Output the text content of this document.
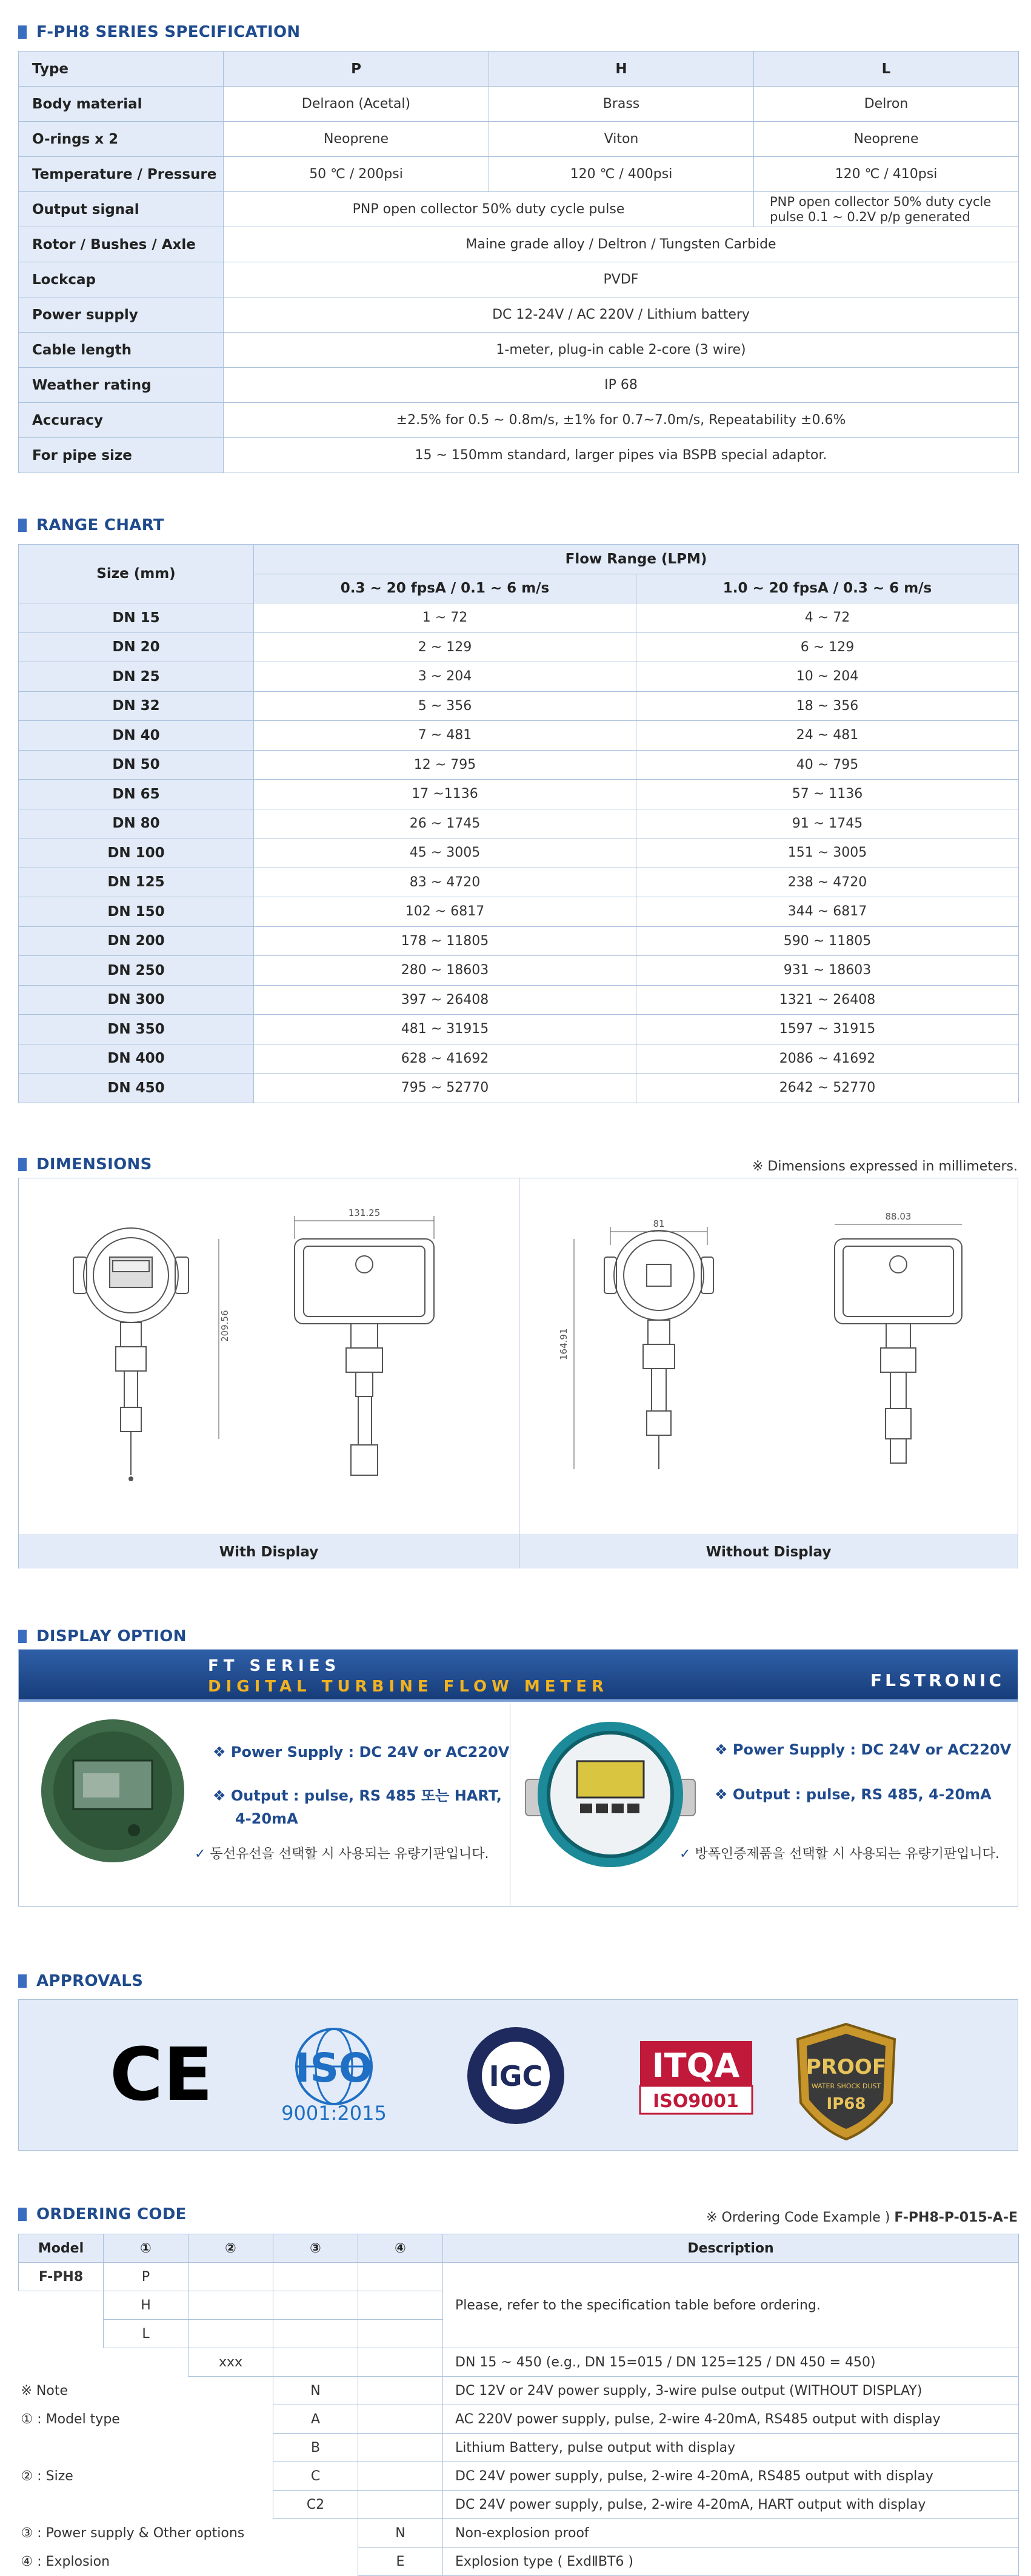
F-PH8 SERIES SPECIFICATION
Type	P	H	L
Body material	Delraon (Acetal)	Brass	Delron
O-rings x 2	Neoprene	Viton	Neoprene
Temperature / Pressure	50 ℃ / 200psi	120 ℃ / 400psi	120 ℃ / 410psi
Output signal	PNP open collector 50% duty cycle pulse		PNP open collector 50% duty cycle pulse 0.1 ~ 0.2V p/p generated
Rotor / Bushes / Axle	Maine grade alloy / Deltron / Tungsten Carbide		
Lockcap	PVDF		
Power supply	DC 12-24V / AC 220V / Lithium battery		
Cable length	1-meter, plug-in cable 2-core (3 wire)		
Weather rating	IP 68		
Accuracy	±2.5% for 0.5 ~ 0.8m/s, ±1% for 0.7~7.0m/s, Repeatability ±0.6%		
For pipe size	15 ~ 150mm standard, larger pipes via BSPB special adaptor.		
RANGE CHART
Size (mm)	Flow Range (LPM)	
	0.3 ~ 20 fpsA / 0.1 ~ 6 m/s	1.0 ~ 20 fpsA / 0.3 ~ 6 m/s
DN 15	1 ~ 72	4 ~ 72
DN 20	2 ~ 129	6 ~ 129
DN 25	3 ~ 204	10 ~ 204
DN 32	5 ~ 356	18 ~ 356
DN 40	7 ~ 481	24 ~ 481
DN 50	12 ~ 795	40 ~ 795
DN 65	17 ~1136	57 ~ 1136
DN 80	26 ~ 1745	91 ~ 1745
DN 100	45 ~ 3005	151 ~ 3005
DN 125	83 ~ 4720	238 ~ 4720
DN 150	102 ~ 6817	344 ~ 6817
DN 200	178 ~ 11805	590 ~ 11805
DN 250	280 ~ 18603	931 ~ 18603
DN 300	397 ~ 26408	1321 ~ 26408
DN 350	481 ~ 31915	1597 ~ 31915
DN 400	628 ~ 41692	2086 ~ 41692
DN 450	795 ~ 52770	2642 ~ 52770
DIMENSIONS	※ Dimensions expressed in millimeters.
131.25
209.56
81
88.03
164.91
With Display	Without Display
DISPLAY OPTION
FT SERIES
DIGITAL TURBINE FLOW METER	FLSTRONIC
❖ Power Supply : DC 24V or AC220V
❖ Output : pulse, RS 485 또는 HART,
4-20mA
✓ 동선유선을 선택할 시 사용되는 유량기판입니다.
❖ Power Supply : DC 24V or AC220V
❖ Output : pulse, RS 485, 4-20mA
✓ 방폭인증제품을 선택할 시 사용되는 유량기판입니다.
APPROVALS
CE ISO
9001:2015
IGC	ITQA
ISO9001
PROOF
WATER SHOCK DUST
IP68
ORDERING CODE	※ Ordering Code Example ) F-PH8-P-015-A-E
Model	①	②	③	④	Description
F-PH8	P				Please, refer to the specification table before ordering.
	H				
	L				
		xxx			DN 15 ~ 450 (e.g., DN 15=015 / DN 125=125 / DN 450 = 450)
※ Note			N		DC 12V or 24V power supply, 3-wire pulse output (WITHOUT DISPLAY)
① : Model type			A		AC 220V power supply, pulse, 2-wire 4-20mA, RS485 output with display
			B		Lithium Battery, pulse output with display
② : Size			C		DC 24V power supply, pulse, 2-wire 4-20mA, RS485 output with display
			C2		DC 24V power supply, pulse, 2-wire 4-20mA, HART output with display
③ : Power supply & Other options				N	Non-explosion proof
④ : Explosion				E	Explosion type ( ExdⅡBT6 )
